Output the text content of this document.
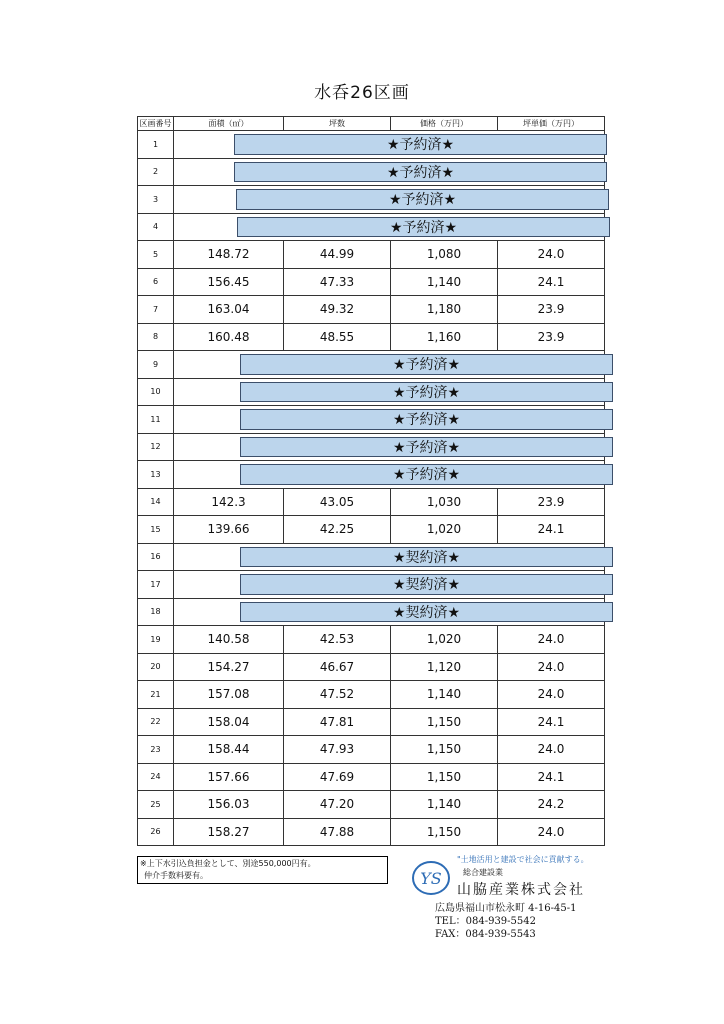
水呑26区画
区画番号	面積（㎡）	坪数	価格（万円）	坪単価（万円）
1	★予約済★			

2	★予約済★			

3	★予約済★			

4	★予約済★			

5	148.72	44.99	1,080	24.0
6	156.45	47.33	1,140	24.1
7	163.04	49.32	1,180	23.9
8	160.48	48.55	1,160	23.9
9	★予約済★			

10	★予約済★			

11	★予約済★			

12	★予約済★			

13	★予約済★			

14	142.3	43.05	1,030	23.9
15	139.66	42.25	1,020	24.1
16	★契約済★			

17	★契約済★			

18	★契約済★			

19	140.58	42.53	1,020	24.0
20	154.27	46.67	1,120	24.0
21	157.08	47.52	1,140	24.0
22	158.04	47.81	1,150	24.1
23	158.44	47.93	1,150	24.0
24	157.66	47.69	1,150	24.1
25	156.03	47.20	1,140	24.2
26	158.27	47.88	1,150	24.0
※上下水引込負担金として、別途550,000円有。
仲介手数料要有。	YS
"土地活用と建設で社会に貢献する。
総合建設業
山脇産業株式会社
広島県福山市松永町 4-16-45-1
TEL：084-939-5542
FAX：084-939-5543
